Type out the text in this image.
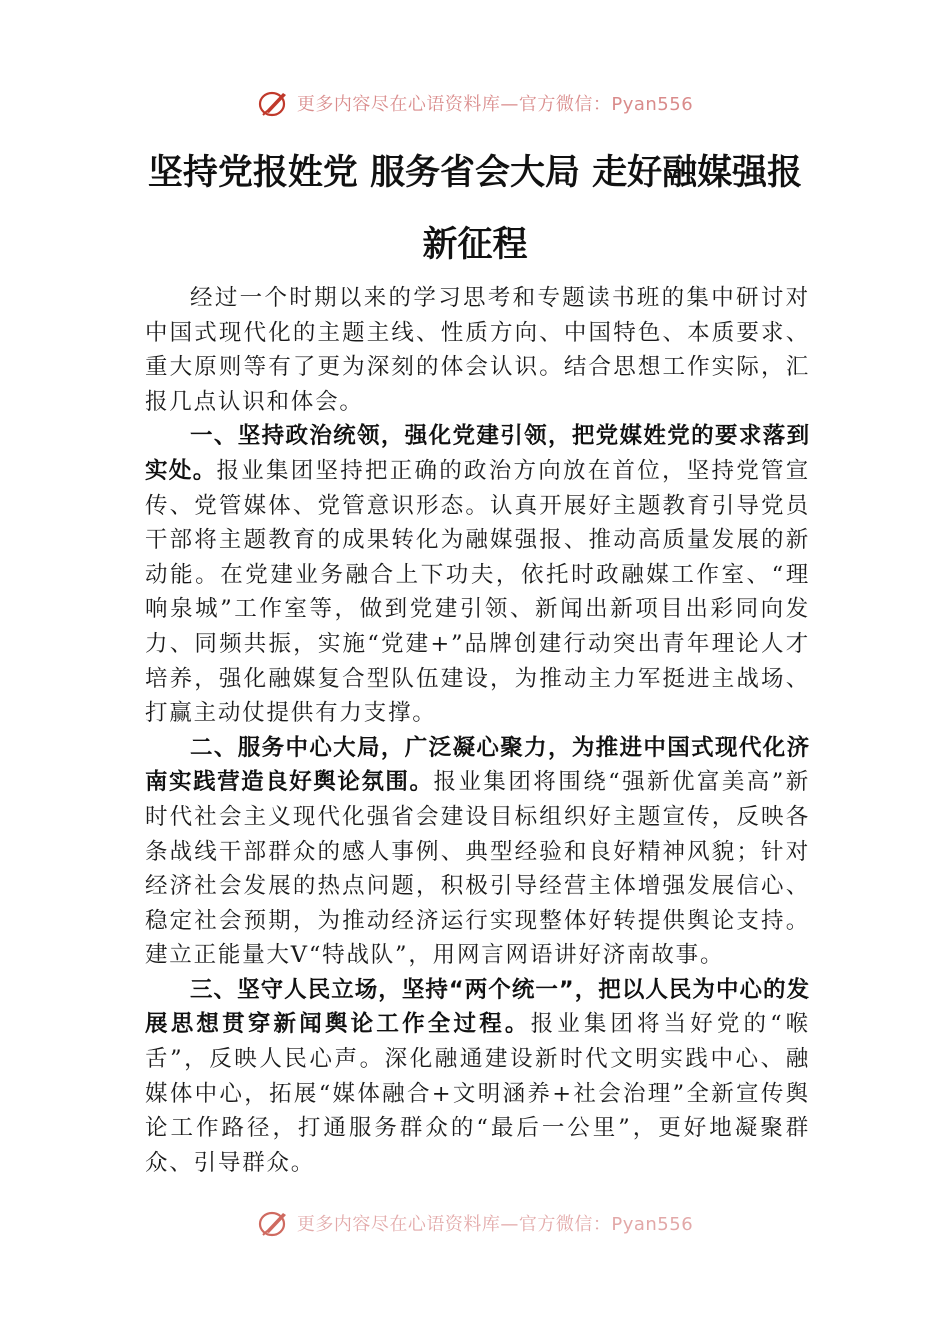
更多内容尽在心语资料库—官方微信：Pyan556
坚持党报姓党 服务省会大局 走好融媒强报
新征程

经过一个时期以来的学习思考和专题读书班的集中研讨对中国式现代化的主题主线、性质方向、中国特色、本质要求、重大原则等有了更为深刻的体会认识。结合思想工作实际，汇报几点认识和体会。

一、坚持政治统领，强化党建引领，把党媒姓党的要求落到实处。报业集团坚持把正确的政治方向放在首位，坚持党管宣传、党管媒体、党管意识形态。认真开展好主题教育引导党员干部将主题教育的成果转化为融媒强报、推动高质量发展的新动能。在党建业务融合上下功夫，依托时政融媒工作室、“理响泉城”工作室等，做到党建引领、新闻出新项目出彩同向发力、同频共振，实施“党建+”品牌创建行动突出青年理论人才培养，强化融媒复合型队伍建设，为推动主力军挺进主战场、打赢主动仗提供有力支撑。

二、服务中心大局，广泛凝心聚力，为推进中国式现代化济南实践营造良好舆论氛围。报业集团将围绕“强新优富美高”新时代社会主义现代化强省会建设目标组织好主题宣传，反映各条战线干部群众的感人事例、典型经验和良好精神风貌；针对经济社会发展的热点问题，积极引导经营主体增强发展信心、稳定社会预期，为推动经济运行实现整体好转提供舆论支持。建立正能量大V“特战队”，用网言网语讲好济南故事。

三、坚守人民立场，坚持“两个统一”，把以人民为中心的发展思想贯穿新闻舆论工作全过程。报业集团将当好党的“喉舌”，反映人民心声。深化融通建设新时代文明实践中心、融媒体中心，拓展“媒体融合+文明涵养+社会治理”全新宣传舆论工作路径，打通服务群众的“最后一公里”，更好地凝聚群众、引导群众。

更多内容尽在心语资料库—官方微信：Pyan556
